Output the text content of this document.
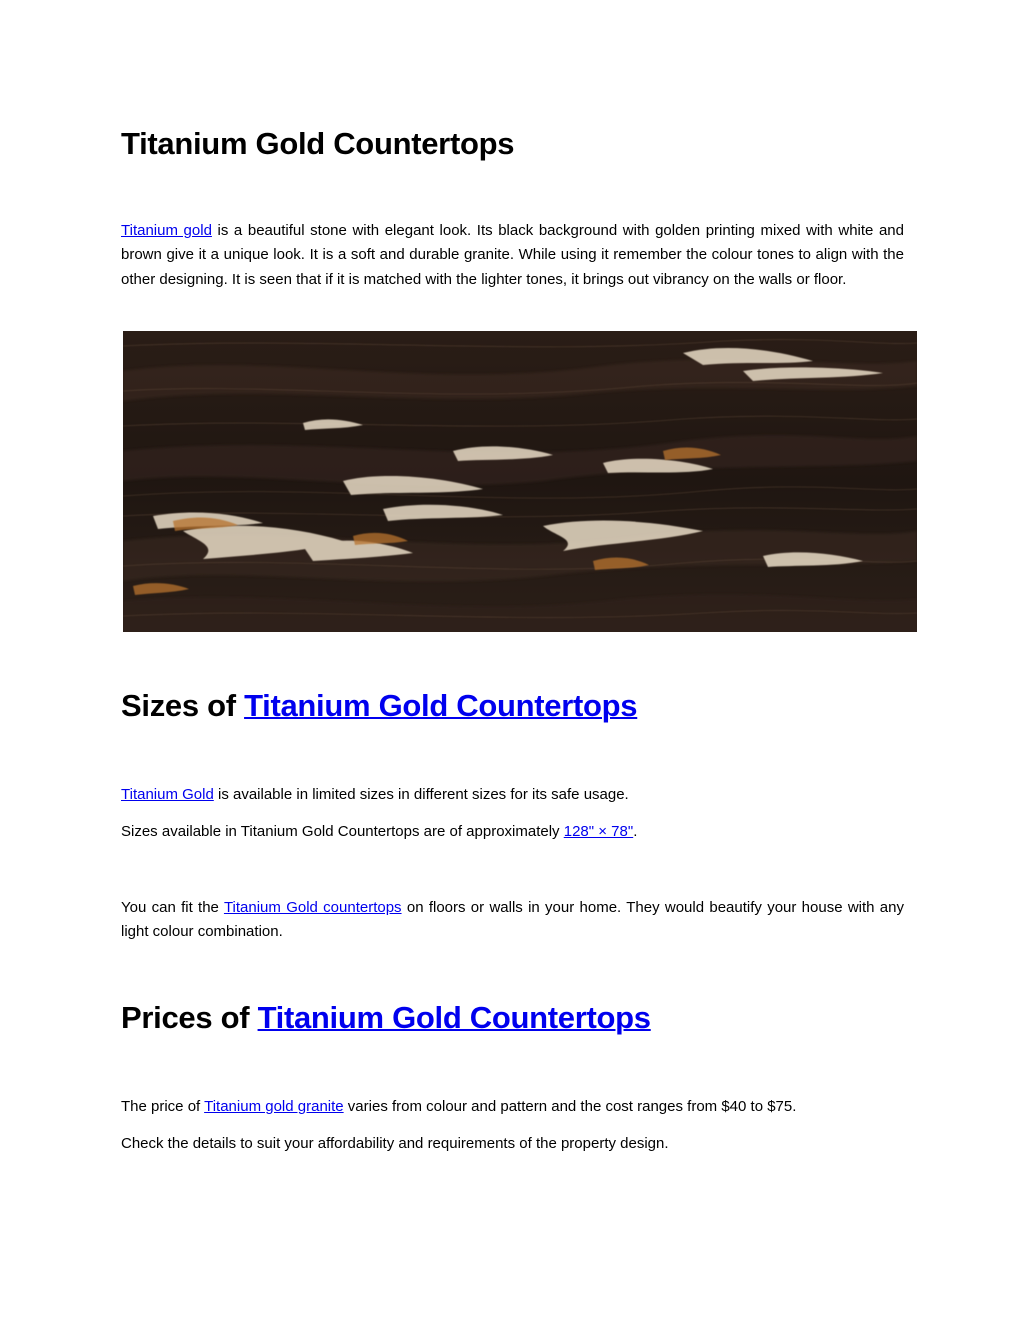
Titanium Gold Countertops

Titanium gold is a beautiful stone with elegant look. Its black background with golden printing mixed with white and brown give it a unique look. It is a soft and durable granite. While using it remember the colour tones to align with the other designing. It is seen that if it is matched with the lighter tones, it brings out vibrancy on the walls or floor.

Sizes of Titanium Gold Countertops

Titanium Gold is available in limited sizes in different sizes for its safe usage.

Sizes available in Titanium Gold Countertops are of approximately 128" × 78".

You can fit the Titanium Gold countertops on floors or walls in your home. They would beautify your house with any light colour combination.

Prices of Titanium Gold Countertops

The price of Titanium gold granite varies from colour and pattern and the cost ranges from $40 to $75.

Check the details to suit your affordability and requirements of the property design.
